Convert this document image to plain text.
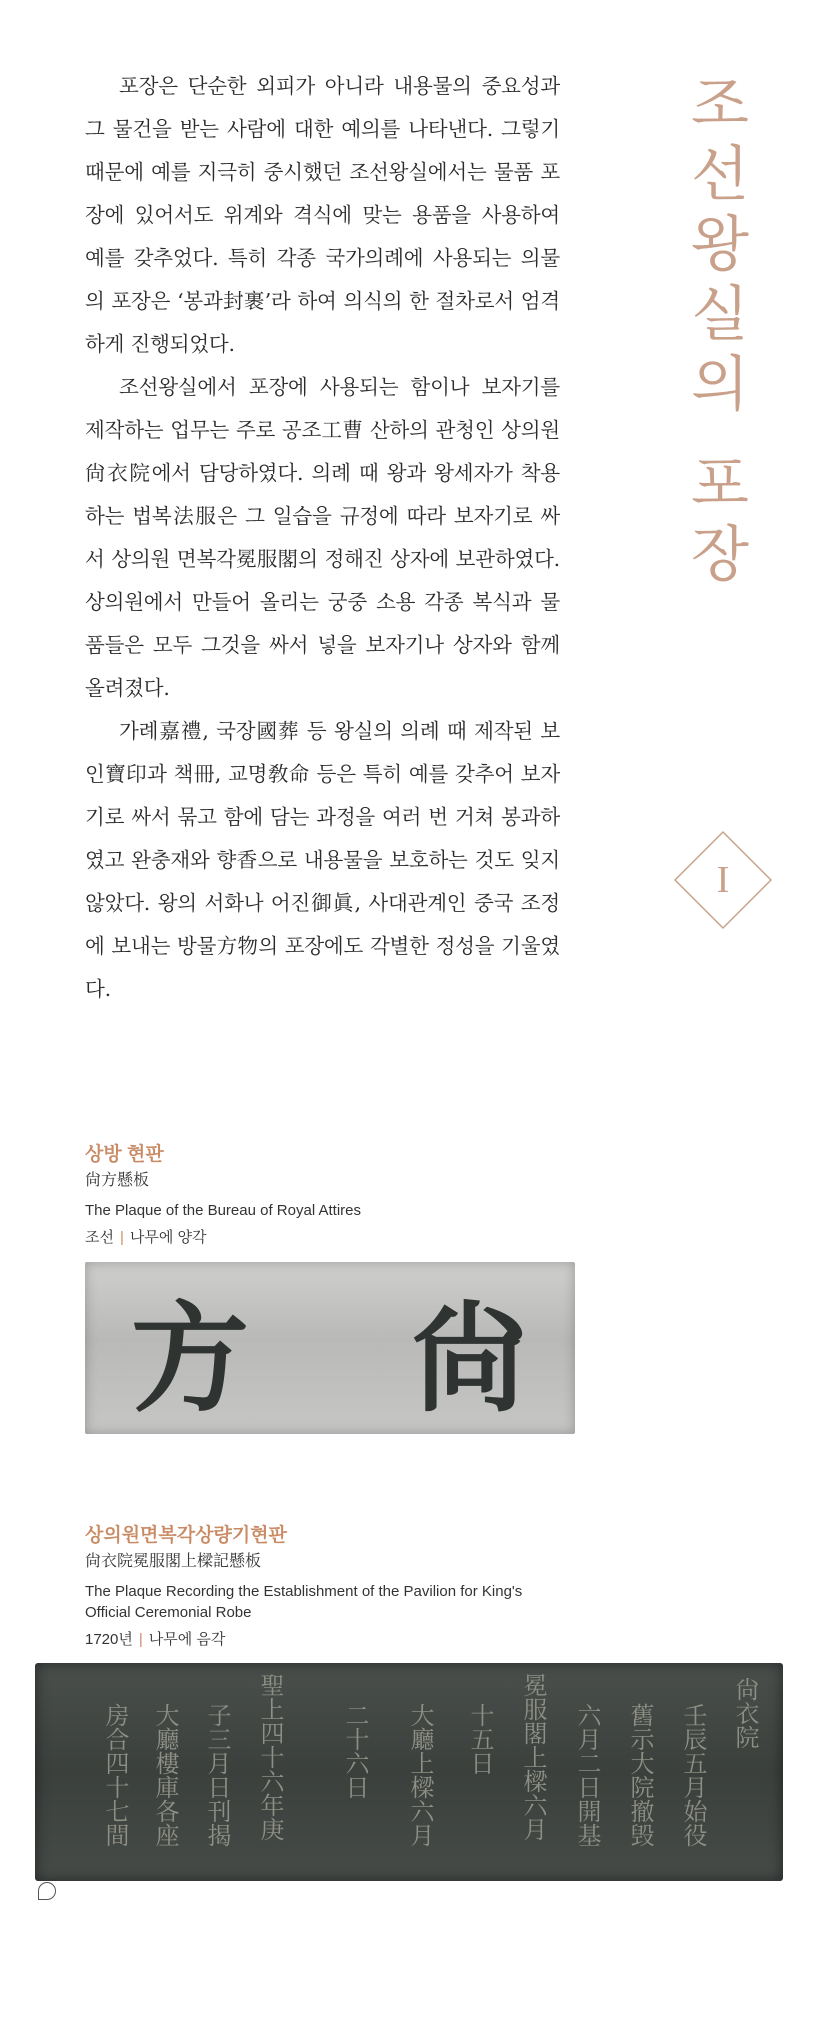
포장은 단순한 외피가 아니라 내용물의 중요성과 그 물건을 받는 사람에 대한 예의를 나타낸다. 그렇기 때문에 예를 지극히 중시했던 조선왕실에서는 물품 포장에 있어서도 위계와 격식에 맞는 용품을 사용하여 예를 갖추었다. 특히 각종 국가의례에 사용되는 의물의 포장은 ‘봉과封裹’라 하여 의식의 한 절차로서 엄격하게 진행되었다.

조선왕실에서 포장에 사용되는 함이나 보자기를 제작하는 업무는 주로 공조工曹 산하의 관청인 상의원尙衣院에서 담당하였다. 의례 때 왕과 왕세자가 착용하는 법복法服은 그 일습을 규정에 따라 보자기로 싸서 상의원 면복각冕服閣의 정해진 상자에 보관하였다. 상의원에서 만들어 올리는 궁중 소용 각종 복식과 물품들은 모두 그것을 싸서 넣을 보자기나 상자와 함께 올려졌다.

가례嘉禮, 국장國葬 등 왕실의 의례 때 제작된 보인寶印과 책冊, 교명敎命 등은 특히 예를 갖추어 보자기로 싸서 묶고 함에 담는 과정을 여러 번 거쳐 봉과하였고 완충재와 향香으로 내용물을 보호하는 것도 잊지 않았다. 왕의 서화나 어진御眞, 사대관계인 중국 조정에 보내는 방물方物의 포장에도 각별한 정성을 기울였다.

조선왕실의
포장
I
상방 현판
尙方懸板
The Plaque of the Bureau of Royal Attires
조선 | 나무에 양각
方 尙
상의원면복각상량기현판
尙衣院冕服閣上樑記懸板
The Plaque Recording the Establishment of the Pavilion for King's Official Ceremonial Robe
1720년 | 나무에 음각
尙衣院
壬辰五月始役
舊示大院撤毁
六月二日開基
冕服閣上樑六月
十五日
大廳上樑六月
二十六日
聖上四十六年庚
子三月日刊揭
大廳樓庫各座
房合四十七間
